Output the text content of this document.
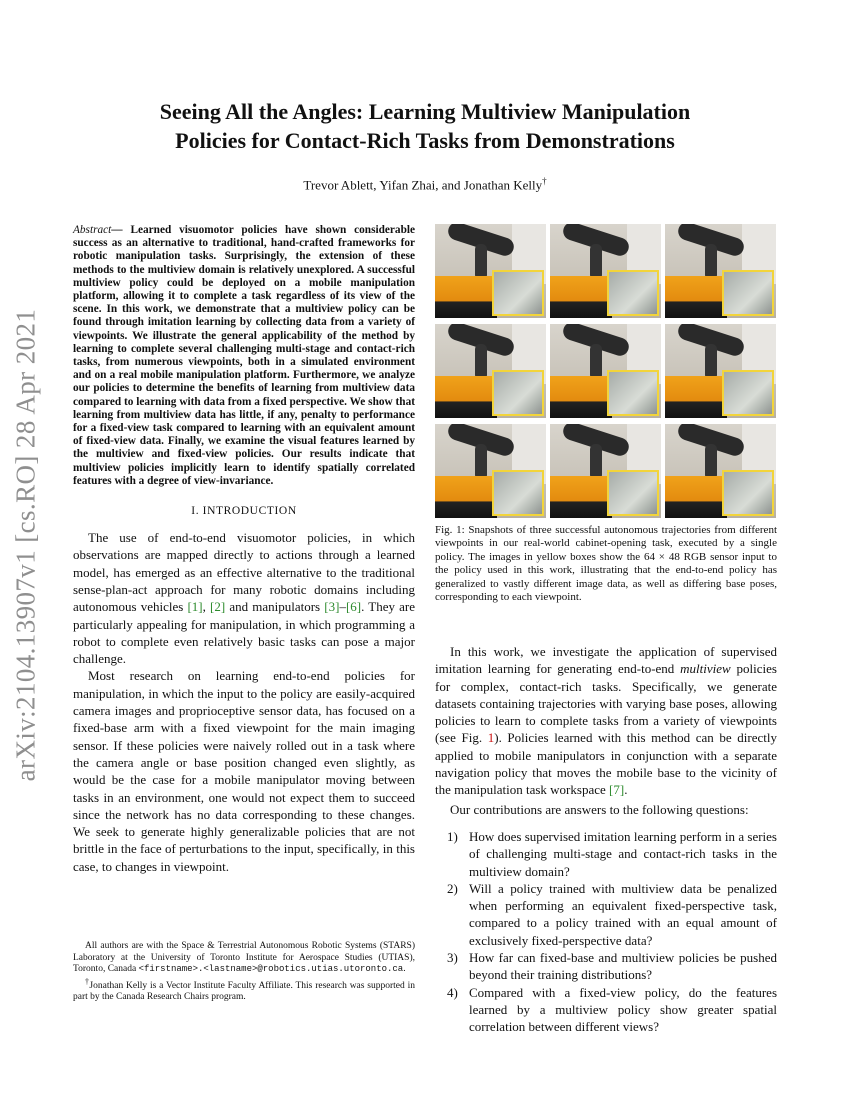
arXiv:2104.13907v1 [cs.RO] 28 Apr 2021
Seeing All the Angles: Learning Multiview Manipulation
Policies for Contact-Rich Tasks from Demonstrations
Trevor Ablett, Yifan Zhai, and Jonathan Kelly†

Abstract— Learned visuomotor policies have shown considerable success as an alternative to traditional, hand-crafted frameworks for robotic manipulation tasks. Surprisingly, the extension of these methods to the multiview domain is relatively unexplored. A successful multiview policy could be deployed on a mobile manipulation platform, allowing it to complete a task regardless of its view of the scene. In this work, we demonstrate that a multiview policy can be found through imitation learning by collecting data from a variety of viewpoints. We illustrate the general applicability of the method by learning to complete several challenging multi-stage and contact-rich tasks, from numerous viewpoints, both in a simulated environment and on a real mobile manipulation platform. Furthermore, we analyze our policies to determine the benefits of learning from multiview data compared to learning with data from a fixed perspective. We show that learning from multiview data has little, if any, penalty to performance for a fixed-view task compared to learning with an equivalent amount of fixed-view data. Finally, we examine the visual features learned by the multiview and fixed-view policies. Our results indicate that multiview policies implicitly learn to identify spatially correlated features with a degree of view-invariance.

I. INTRODUCTION

The use of end-to-end visuomotor policies, in which observations are mapped directly to actions through a learned model, has emerged as an effective alternative to the traditional sense-plan-act approach for many robotic domains including autonomous vehicles [1], [2] and manipulators [3]–[6]. They are particularly appealing for manipulation, in which programming a robot to complete even relatively basic tasks can pose a major challenge.

Most research on learning end-to-end policies for manipulation, in which the input to the policy are easily-acquired camera images and proprioceptive sensor data, has focused on a fixed-base arm with a fixed viewpoint for the main imaging sensor. If these policies were naively rolled out in a task where the camera angle or base position changed even slightly, as would be the case for a mobile manipulator moving between tasks in an environment, one would not expect them to succeed since the network has no data corresponding to these changes. We seek to generate highly generalizable policies that are not brittle in the face of perturbations to the input, specifically, in this case, to changes in viewpoint.

All authors are with the Space & Terrestrial Autonomous Robotic Systems (STARS) Laboratory at the University of Toronto Institute for Aerospace Studies (UTIAS), Toronto, Canada <firstname>.<lastname>@robotics.utias.utoronto.ca.

†Jonathan Kelly is a Vector Institute Faculty Affiliate. This research was supported in part by the Canada Research Chairs program.

Fig. 1: Snapshots of three successful autonomous trajectories from different viewpoints in our real-world cabinet-opening task, executed by a single policy. The images in yellow boxes show the 64 × 48 RGB sensor input to the policy used in this work, illustrating that the end-to-end policy has generalized to vastly different image data, as well as differing base poses, corresponding to each viewpoint.

In this work, we investigate the application of supervised imitation learning for generating end-to-end multiview policies for complex, contact-rich tasks. Specifically, we generate datasets containing trajectories with varying base poses, allowing policies to learn to complete tasks from a variety of viewpoints (see Fig. 1). Policies learned with this method can be directly applied to mobile manipulators in conjunction with a separate navigation policy that moves the mobile base to the vicinity of the manipulation task workspace [7].

Our contributions are answers to the following questions:

1) How does supervised imitation learning perform in a series of challenging multi-stage and contact-rich tasks in the multiview domain?
2) Will a policy trained with multiview data be penalized when performing an equivalent fixed-perspective task, compared to a policy trained with an equal amount of exclusively fixed-perspective data?
3) How far can fixed-base and multiview policies be pushed beyond their training distributions?
4) Compared with a fixed-view policy, do the features learned by a multiview policy show greater spatial correlation between different views?
